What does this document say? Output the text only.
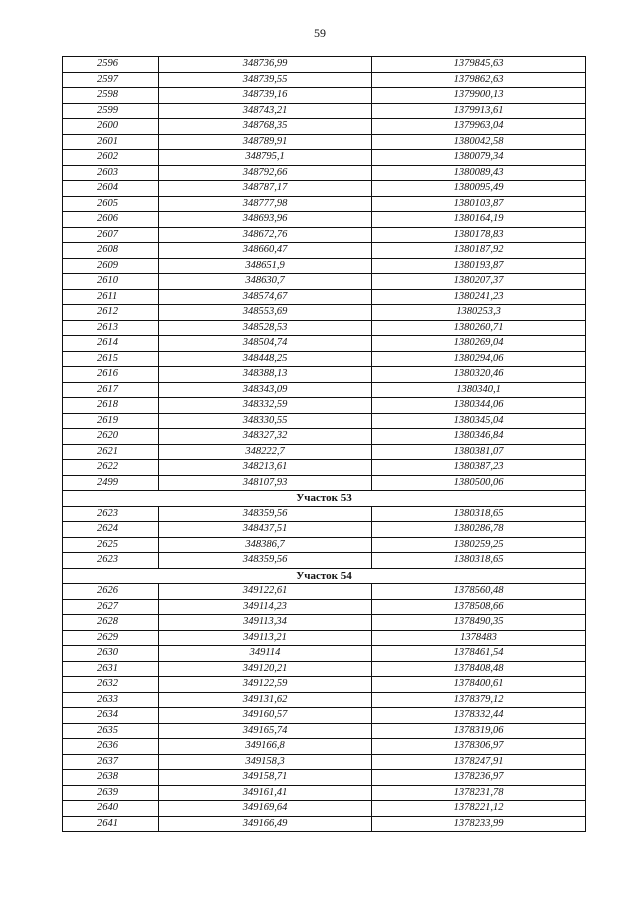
59
2596	348736,99	1379845,63
2597	348739,55	1379862,63
2598	348739,16	1379900,13
2599	348743,21	1379913,61
2600	348768,35	1379963,04
2601	348789,91	1380042,58
2602	348795,1	1380079,34
2603	348792,66	1380089,43
2604	348787,17	1380095,49
2605	348777,98	1380103,87
2606	348693,96	1380164,19
2607	348672,76	1380178,83
2608	348660,47	1380187,92
2609	348651,9	1380193,87
2610	348630,7	1380207,37
2611	348574,67	1380241,23
2612	348553,69	1380253,3
2613	348528,53	1380260,71
2614	348504,74	1380269,04
2615	348448,25	1380294,06
2616	348388,13	1380320,46
2617	348343,09	1380340,1
2618	348332,59	1380344,06
2619	348330,55	1380345,04
2620	348327,32	1380346,84
2621	348222,7	1380381,07
2622	348213,61	1380387,23
2499	348107,93	1380500,06
Участок 53		
2623	348359,56	1380318,65
2624	348437,51	1380286,78
2625	348386,7	1380259,25
2623	348359,56	1380318,65
Участок 54		
2626	349122,61	1378560,48
2627	349114,23	1378508,66
2628	349113,34	1378490,35
2629	349113,21	1378483
2630	349114	1378461,54
2631	349120,21	1378408,48
2632	349122,59	1378400,61
2633	349131,62	1378379,12
2634	349160,57	1378332,44
2635	349165,74	1378319,06
2636	349166,8	1378306,97
2637	349158,3	1378247,91
2638	349158,71	1378236,97
2639	349161,41	1378231,78
2640	349169,64	1378221,12
2641	349166,49	1378233,99
